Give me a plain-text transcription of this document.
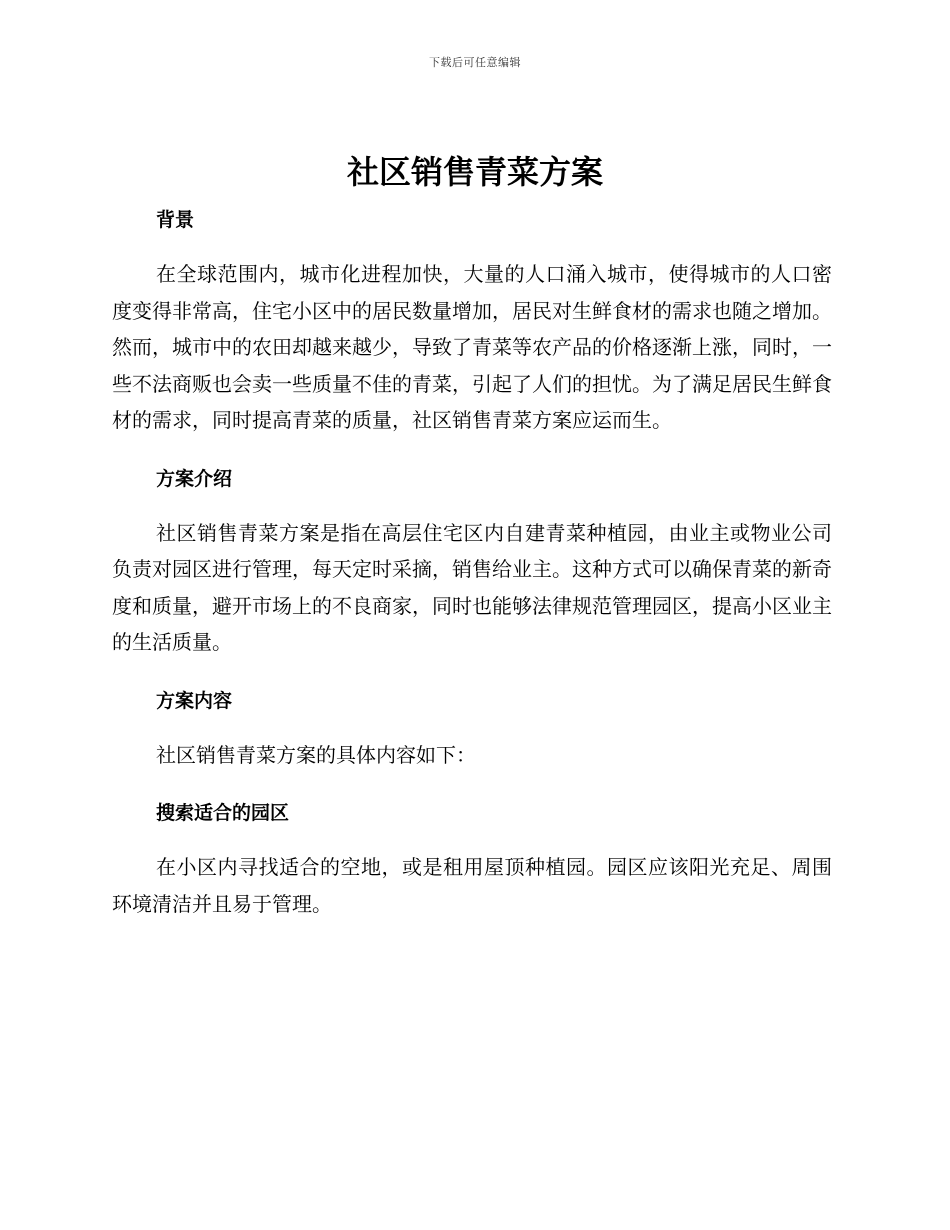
下载后可任意编辑
社区销售青菜方案
背景

在全球范围内，城市化进程加快，大量的人口涌入城市，使得城市的人口密度变得非常高，住宅小区中的居民数量增加，居民对生鲜食材的需求也随之增加。然而，城市中的农田却越来越少，导致了青菜等农产品的价格逐渐上涨，同时，一些不法商贩也会卖一些质量不佳的青菜，引起了人们的担忧。为了满足居民生鲜食材的需求，同时提高青菜的质量，社区销售青菜方案应运而生。

方案介绍

社区销售青菜方案是指在高层住宅区内自建青菜种植园，由业主或物业公司负责对园区进行管理，每天定时采摘，销售给业主。这种方式可以确保青菜的新奇度和质量，避开市场上的不良商家，同时也能够法律规范管理园区，提高小区业主的生活质量。

方案内容

社区销售青菜方案的具体内容如下：

搜索适合的园区

在小区内寻找适合的空地，或是租用屋顶种植园。园区应该阳光充足、周围环境清洁并且易于管理。
